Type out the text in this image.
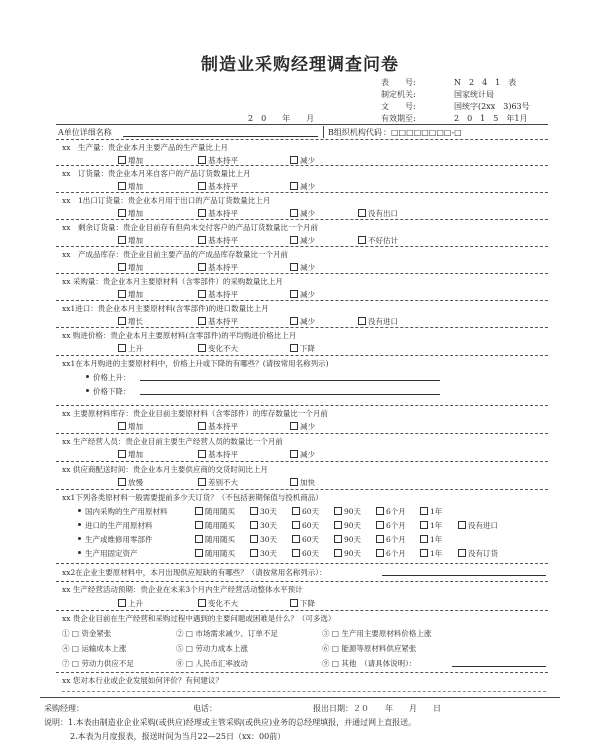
制造业采购经理调查问卷
表　　号:	N　2　4　1　表
制定机关:	国家统计局
文　　号:	国统字(2xx　3)63号
有效期至:	2　0　1　5　年1月
2　0　　年　　月
A单位详细名称	B组织机构代码 ：□□□□□□□□-□
xx　生产量：贵企业本月主要产品的生产量比上月
增加	基本持平	减少
xx　订货量：贵企业本月来自客户的产品订货数量比上月
增加	基本持平	减少
xx　1出口订货量：贵企业本月用于出口的产品订货数量比上月
增加	基本持平	减少	没有出口
xx　剩余订货量：贵企业目前存有但尚未交付客户的产品订货数量比一个月前
增加	基本持平	减少	不好估计
xx　产成品库存：贵企业目前主要产品的产成品库存数量比一个月前
增加	基本持平	减少
xx 采购量：贵企业本月主要原材料（含零部件）的采购数量比上月
增加	基本持平	减少
xx1进口：贵企业本月主要原材料(含零部件)的进口数量比上月
增长	基本持平	减少	没有进口
xx 购进价格：贵企业本月主要原材料(含零部件)的平均购进价格比上月
上升	变化不大	下降
xx1在本月购进的主要原材料中，价格上升或下降的有哪些？(请按常用名称列示)
价格上升：
价格下降：
xx 主要原材料库存：贵企业目前主要原材料（含零部件）的库存数量比一个月前
增加	基本持平	减少
xx 生产经营人员：贵企业目前主要生产经营人员的数量比一个月前
增加	基本持平	减少
xx 供应商配送时间：贵企业本月主要供应商的交货时间比上月
放慢	差别不大	加快
xx1下列各类原材料一般需要提前多少天订货？（不包括套期保值与投机商品）
国内采购的生产用原材料	随用随买	30天	60天	90天	6个月	1年
进口的生产用原材料	随用随买	30天	60天	90天	6个月	1年	没有进口
生产或维修用零部件	随用随买	30天	60天	90天	6个月	1年
生产用固定资产	随用随买	30天	60天	90天	6个月	1年	没有订货
xx2在企业主要原材料中，本月出现供应短缺的有哪些？（请按常用名称列示）：
xx 生产经营活动预期：贵企业在未来3个月内生产经营活动整体水平预计
上升	变化不大	下降
xx 贵企业目前在生产经营和采购过程中遇到的主要问题或困难是什么？（可多选）
① □ 资金紧张	② □ 市场需求减少、订单不足	③ □ 生产用主要原材料价格上涨
④ □ 运输成本上涨	⑤ □ 劳动力成本上涨	⑥ □ 能源等原材料供应紧张
⑦ □ 劳动力供应不足	⑧ □ 人民币汇率波动	⑨ □ 其他　（请具体说明）：
xx 您对本行业或企业发展如何评价？有何建议？
采购经理：	电话：	报出日期：２０　　年　　月　　日
说明：1.本表由制造业企业采购(或供应)经理或主管采购(或供应)业务的总经理填报，并通过网上直报送。
2.本表为月度报表，报送时间为当月22—25日（xx：00前）
